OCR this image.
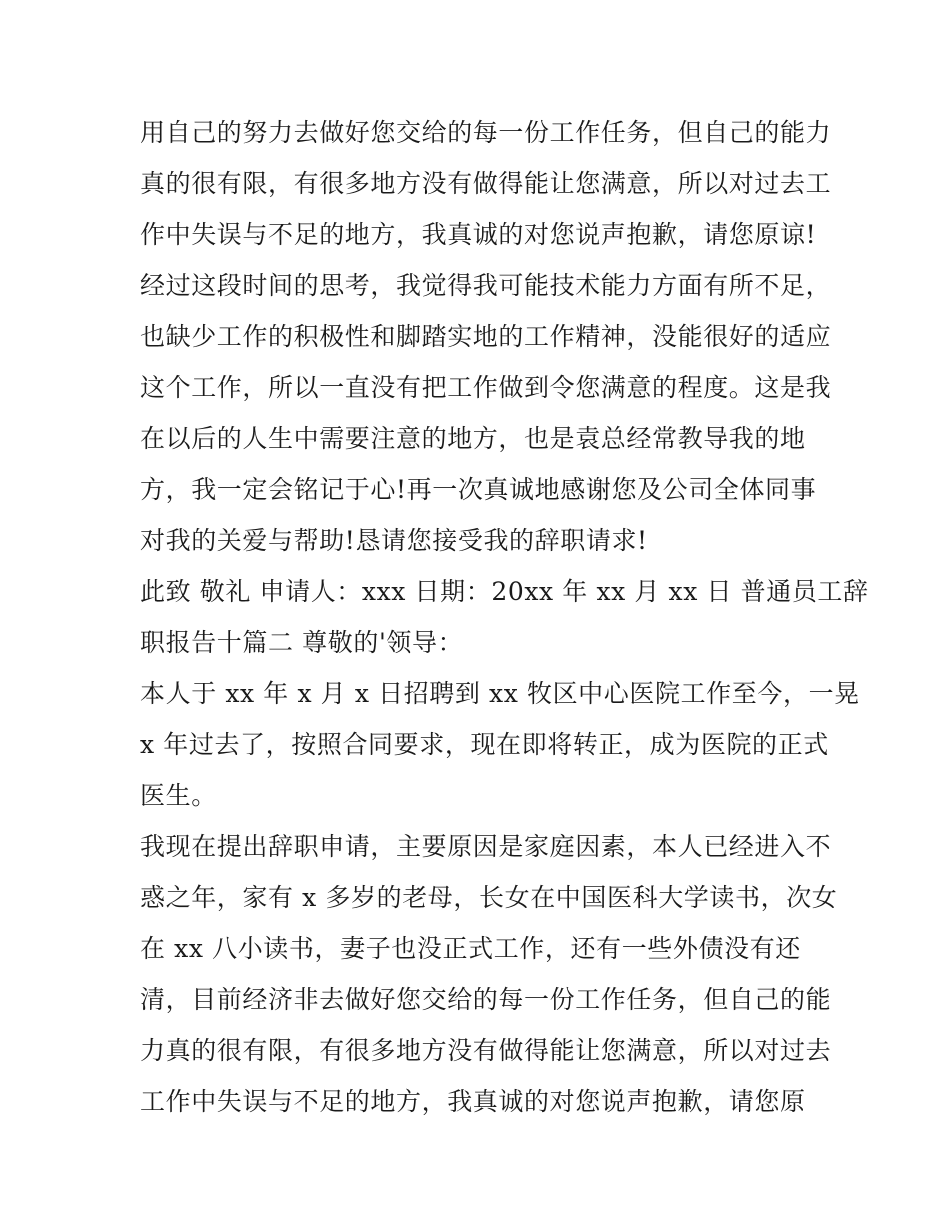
用自己的努力去做好您交给的每一份工作任务，但自己的能力
真的很有限，有很多地方没有做得能让您满意，所以对过去工
作中失误与不足的地方，我真诚的对您说声抱歉，请您原谅!
经过这段时间的思考，我觉得我可能技术能力方面有所不足，
也缺少工作的积极性和脚踏实地的工作精神，没能很好的适应
这个工作，所以一直没有把工作做到令您满意的程度。这是我
在以后的人生中需要注意的地方，也是袁总经常教导我的地
方，我一定会铭记于心!再一次真诚地感谢您及公司全体同事
对我的关爱与帮助!恳请您接受我的辞职请求!
此致 敬礼 申请人：xxx 日期：20xx 年 xx 月 xx 日 普通员工辞
职报告十篇二 尊敬的'领导：
本人于 xx 年 x 月 x 日招聘到 xx 牧区中心医院工作至今，一晃
x 年过去了，按照合同要求，现在即将转正，成为医院的正式
医生。
我现在提出辞职申请，主要原因是家庭因素，本人已经进入不
惑之年，家有 x 多岁的老母，长女在中国医科大学读书，次女
在 xx 八小读书，妻子也没正式工作，还有一些外债没有还
清，目前经济非去做好您交给的每一份工作任务，但自己的能
力真的很有限，有很多地方没有做得能让您满意，所以对过去
工作中失误与不足的地方，我真诚的对您说声抱歉，请您原
